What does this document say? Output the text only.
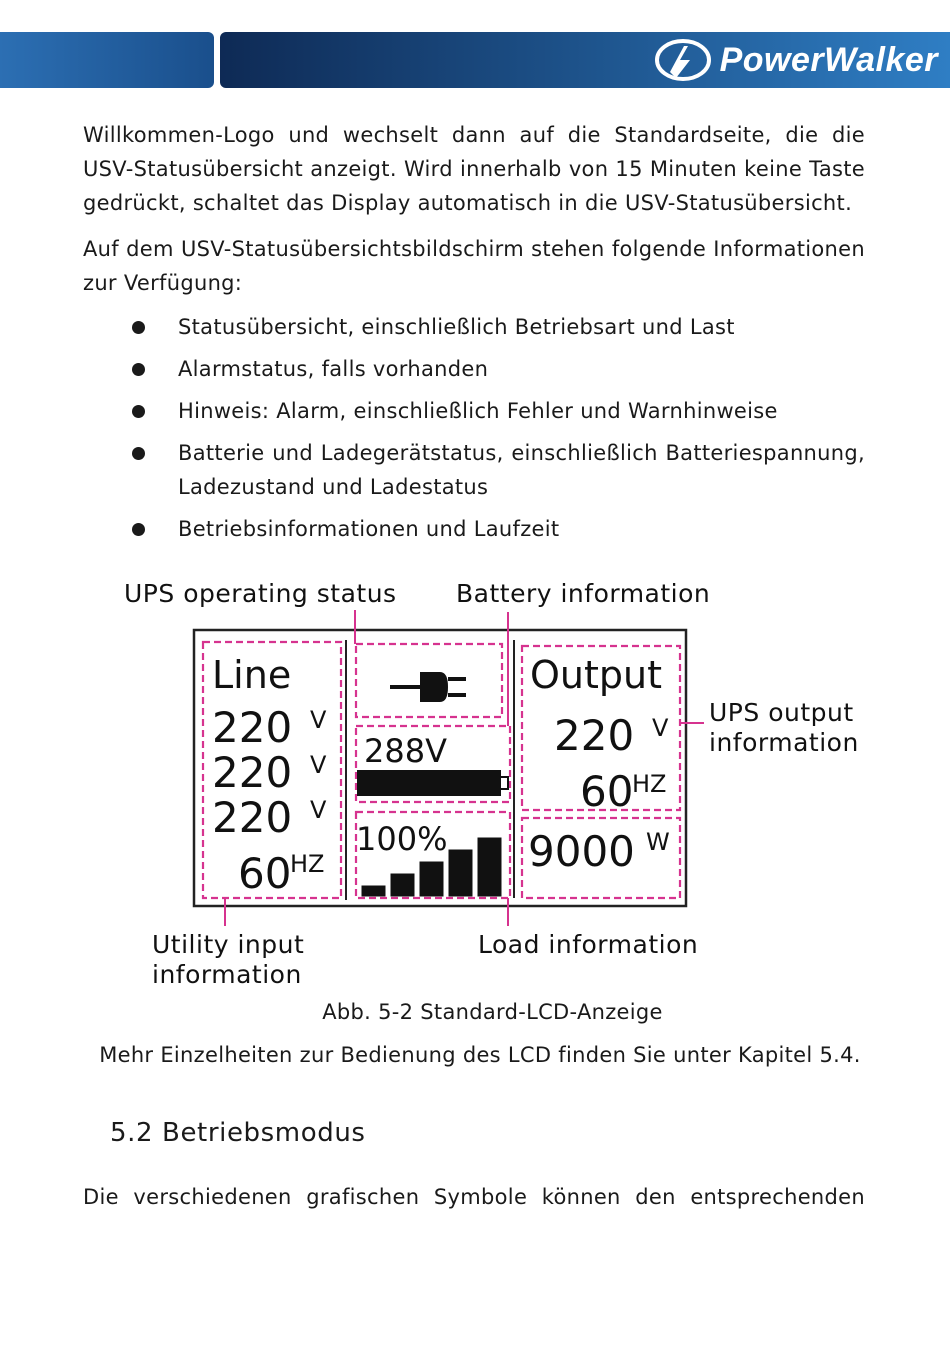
PowerWalker
Willkommen-Logo und wechselt dann auf die Standardseite, die die USV-Statusübersicht anzeigt. Wird innerhalb von 15 Minuten keine Taste gedrückt, schaltet das Display automatisch in die USV-Statusübersicht.
Auf dem USV-Statusübersichtsbildschirm stehen folgende Informationen zur Verfügung:
Statusübersicht, einschließlich Betriebsart und Last
Alarmstatus, falls vorhanden
Hinweis: Alarm, einschließlich Fehler und Warnhinweise
Batterie und Ladegerätstatus, einschließlich Batteriespannung, Ladezustand und Ladestatus
Betriebsinformationen und Laufzeit
UPS operating status Battery information
UPS output
information
Utility input
information
Load information
Line
220 V
220 V
220 V
60
HZ
288V
100%
Output
220 V
60
HZ
9000 W
Abb. 5-2 Standard-LCD-Anzeige
Mehr Einzelheiten zur Bedienung des LCD finden Sie unter Kapitel 5.4.
5.2 Betriebsmodus
Die verschiedenen grafischen Symbole können den entsprechenden
